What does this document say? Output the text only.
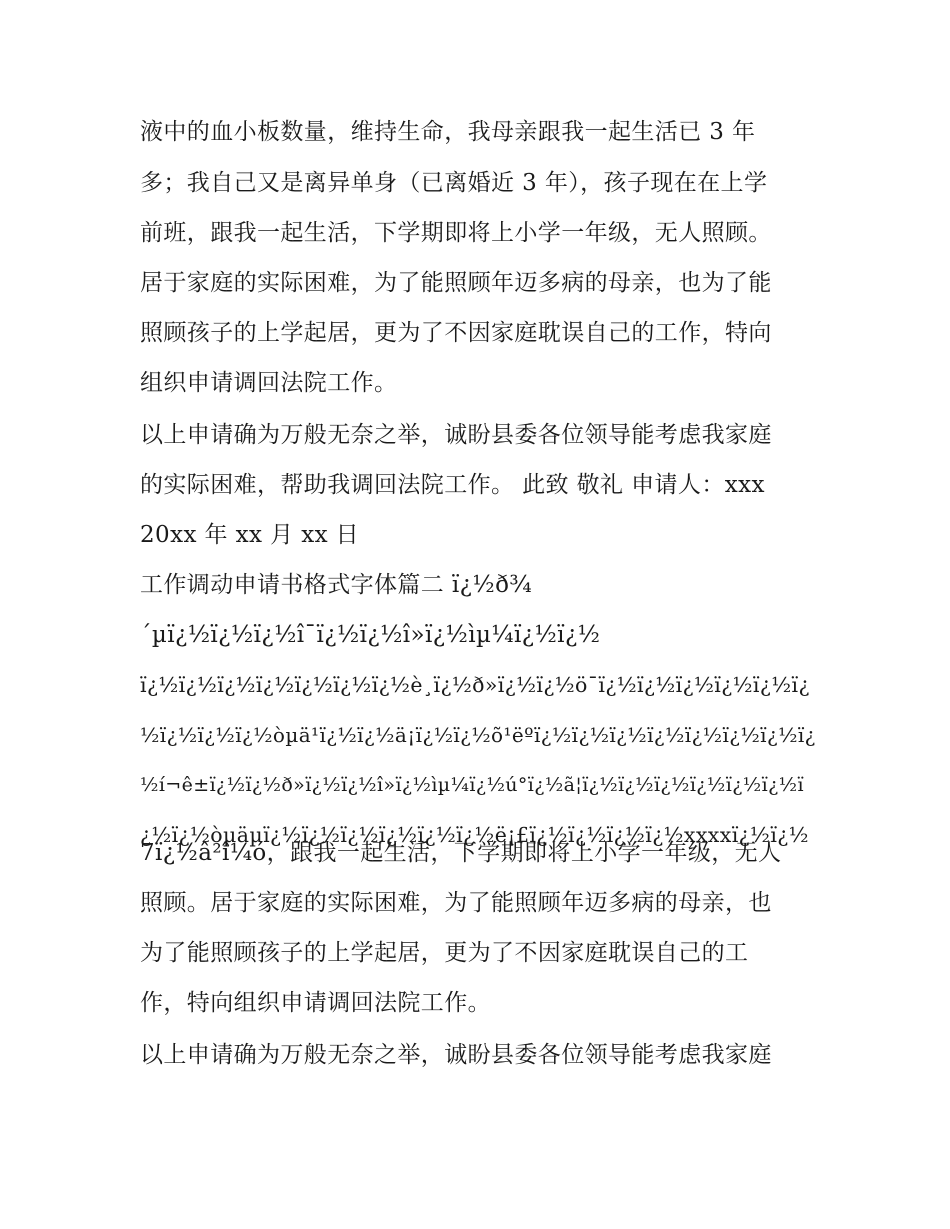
液中的血小板数量，维持生命，我母亲跟我一起生活已 3 年
多；我自己又是离异单身（已离婚近 3 年），孩子现在在上学
前班，跟我一起生活，下学期即将上小学一年级，无人照顾。
居于家庭的实际困难，为了能照顾年迈多病的母亲，也为了能
照顾孩子的上学起居，更为了不因家庭耽误自己的工作，特向
组织申请调回法院工作。
以上申请确为万般无奈之举，诚盼县委各位领导能考虑我家庭
的实际困难，帮助我调回法院工作。 此致 敬礼 申请人：xxx
20xx 年 xx 月 xx 日
工作调动申请书格式字体篇二 ï¿½ð¾
´µï¿½ï¿½ï¿½î¯ï¿½ï¿½î»ï¿½ìµ¼ï¿½ï¿½
ï¿½ï¿½ï¿½ï¿½ï¿½ï¿½ï¿½è¸ï¿½ð»ï¿½ï¿½ö¯ï¿½ï¿½ï¿½ï¿½ï¿½ï¿
½ï¿½ï¿½ï¿½òµä¹ï¿½ï¿½ä¡ï¿½ï¿½õ¹ëºï¿½ï¿½ï¿½ï¿½ï¿½ï¿½ï¿½ï¿
½í¬ê±ï¿½ï¿½ð»ï¿½ï¿½î»ï¿½ìµ¼ï¿½ú°ï¿½ã¦ï¿½ï¿½ï¿½ï¿½ï¿½ï¿½ï
¿½ï¿½òµäµï¿½ï¿½ï¿½ï¿½ï¿½ï¿½ë¡£ï¿½ï¿½ï¿½ï¿½xxxxï¿½ï¿½
7ï¿½â²î¼ó，跟我一起生活，下学期即将上小学一年级，无人
照顾。居于家庭的实际困难，为了能照顾年迈多病的母亲，也
为了能照顾孩子的上学起居，更为了不因家庭耽误自己的工
作，特向组织申请调回法院工作。
以上申请确为万般无奈之举，诚盼县委各位领导能考虑我家庭
